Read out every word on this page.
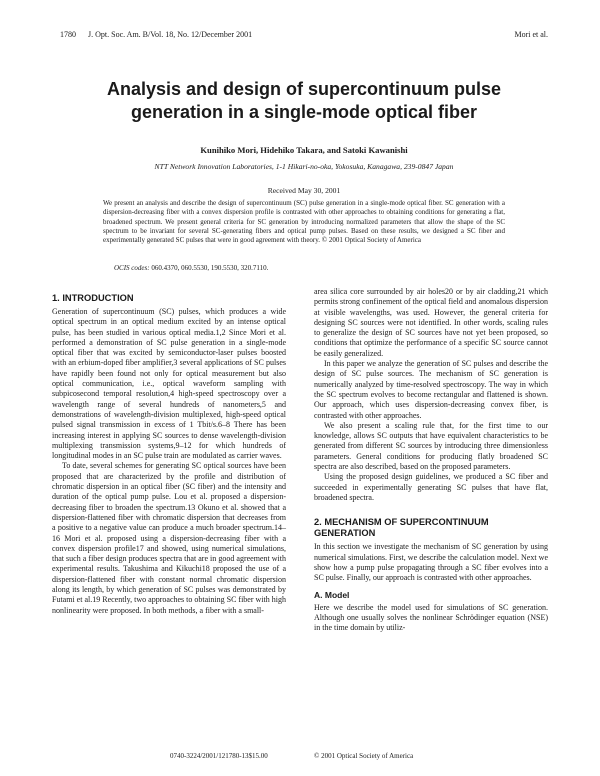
1780 J. Opt. Soc. Am. B/Vol. 18, No. 12/December 2001	Mori et al.
Analysis and design of supercontinuum pulse generation in a single-mode optical fiber
Kunihiko Mori, Hidehiko Takara, and Satoki Kawanishi
NTT Network Innovation Laboratories, 1-1 Hikari-no-oka, Yokosuka, Kanagawa, 239-0847 Japan
Received May 30, 2001
We present an analysis and describe the design of supercontinuum (SC) pulse generation in a single-mode optical fiber. SC generation with a dispersion-decreasing fiber with a convex dispersion profile is contrasted with other approaches to obtaining conditions for generating a flat, broadened spectrum. We present general criteria for SC generation by introducing normalized parameters that allow the shape of the SC spectrum to be invariant for several SC-generating fibers and optical pump pulses. Based on these results, we designed a SC fiber and experimentally generated SC pulses that were in good agreement with theory. © 2001 Optical Society of America
OCIS codes: 060.4370, 060.5530, 190.5530, 320.7110.
1. INTRODUCTION

Generation of supercontinuum (SC) pulses, which produces a wide optical spectrum in an optical medium excited by an intense optical pulse, has been studied in various optical media.1,2 Since Mori et al. performed a demonstration of SC pulse generation in a single-mode optical fiber that was excited by semiconductor-laser pulses boosted with an erbium-doped fiber amplifier,3 several applications of SC pulses have rapidly been found not only for optical measurement but also optical communication, i.e., optical waveform sampling with subpicosecond temporal resolution,4 high-speed spectroscopy over a wavelength range of several hundreds of nanometers,5 and demonstrations of wavelength-division multiplexed, high-speed optical pulsed signal transmission in excess of 1 Tbit/s.6–8 There has been increasing interest in applying SC sources to dense wavelength-division multiplexing transmission systems,9–12 for which hundreds of longitudinal modes in an SC pulse train are modulated as carrier waves.

To date, several schemes for generating SC optical sources have been proposed that are characterized by the profile and distribution of chromatic dispersion in an optical fiber (SC fiber) and the intensity and duration of the optical pump pulse. Lou et al. proposed a dispersion-decreasing fiber to broaden the spectrum.13 Okuno et al. showed that a dispersion-flattened fiber with chromatic dispersion that decreases from a positive to a negative value can produce a much broader spectrum.14–16 Mori et al. proposed using a dispersion-decreasing fiber with a convex dispersion profile17 and showed, using numerical simulations, that such a fiber design produces spectra that are in good agreement with experimental results. Takushima and Kikuchi18 proposed the use of a dispersion-flattened fiber with constant normal chromatic dispersion along its length, by which generation of SC pulses was demonstrated by Futami et al.19 Recently, two approaches to obtaining SC fiber with high nonlinearity were proposed. In both methods, a fiber with a small-

area silica core surrounded by air holes20 or by air cladding,21 which permits strong confinement of the optical field and anomalous dispersion at visible wavelengths, was used. However, the general criteria for designing SC sources were not identified. In other words, scaling rules to generalize the design of SC sources have not yet been proposed, so conditions that optimize the performance of a specific SC source cannot be easily generalized.

In this paper we analyze the generation of SC pulses and describe the design of SC pulse sources. The mechanism of SC generation is numerically analyzed by time-resolved spectroscopy. The way in which the SC spectrum evolves to become rectangular and flattened is shown. Our approach, which uses dispersion-decreasing convex fiber, is contrasted with other approaches.

We also present a scaling rule that, for the first time to our knowledge, allows SC outputs that have equivalent characteristics to be generated from different SC sources by introducing three dimensionless parameters. General conditions for producing flatly broadened SC spectra are also described, based on the proposed parameters.

Using the proposed design guidelines, we produced a SC fiber and succeeded in experimentally generating SC pulses that have flat, broadened spectra.

2. MECHANISM OF SUPERCONTINUUM GENERATION

In this section we investigate the mechanism of SC generation by using numerical simulations. First, we describe the calculation model. Next we show how a pump pulse propagating through a SC fiber evolves into a SC pulse. Finally, our approach is contrasted with other approaches.

A. Model

Here we describe the model used for simulations of SC generation. Although one usually solves the nonlinear Schrödinger equation (NSE) in the time domain by utiliz-

0740-3224/2001/121780-13$15.00	© 2001 Optical Society of America
